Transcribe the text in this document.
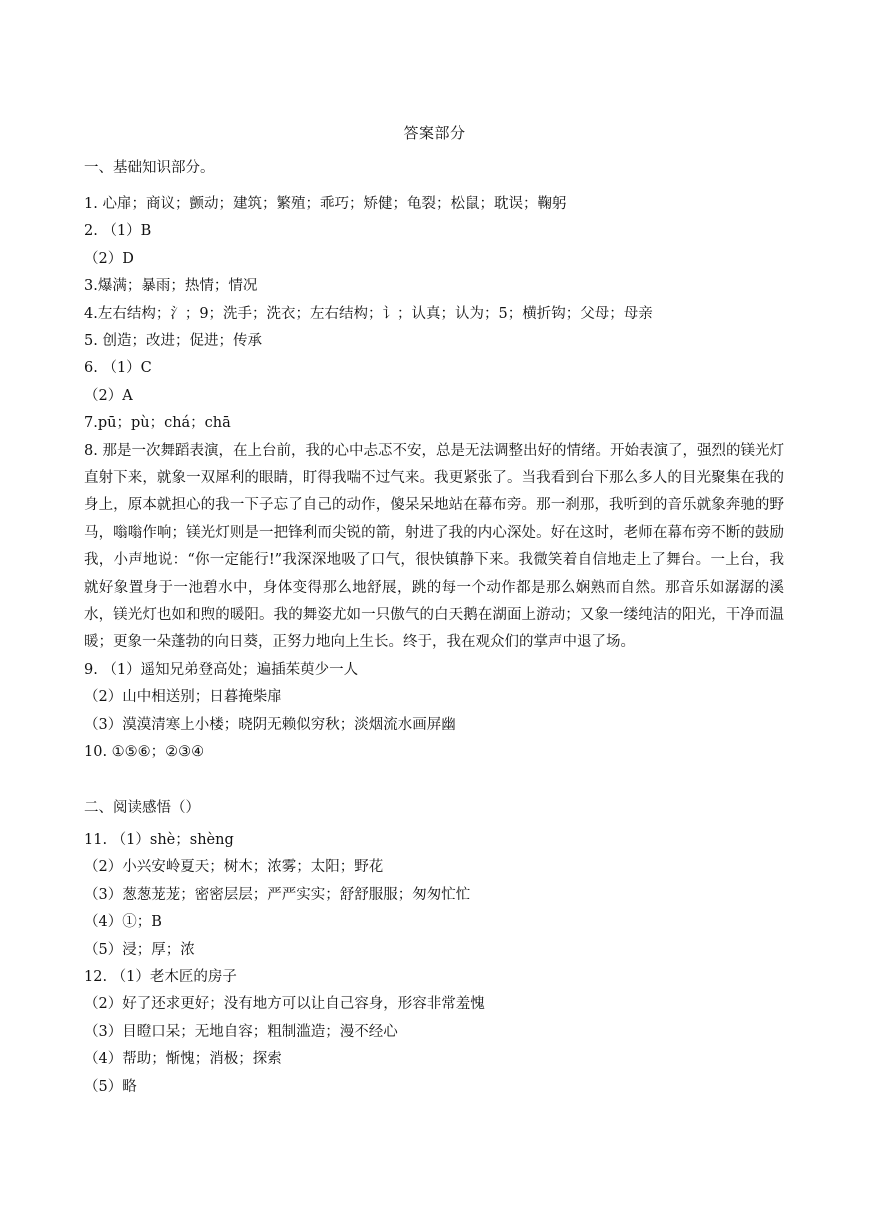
答案部分
一、基础知识部分。
1. 心扉；商议；颤动；建筑；繁殖；乖巧；矫健；龟裂；松鼠；耽误；鞠躬
2. （1）B
（2）D
3.爆满；暴雨；热情；情况
4.左右结构；氵；9；洗手；洗衣；左右结构；讠；认真；认为；5；横折钩；父母；母亲
5. 创造；改进；促进；传承
6. （1）C
（2）A
7.pū；pù；chá；chā
8. 那是一次舞蹈表演，在上台前，我的心中忐忑不安，总是无法调整出好的情绪。开始表演了，强烈的镁光灯直射下来，就象一双犀利的眼睛，盯得我喘不过气来。我更紧张了。当我看到台下那么多人的目光聚集在我的身上，原本就担心的我一下子忘了自己的动作，傻呆呆地站在幕布旁。那一刹那，我听到的音乐就象奔驰的野马，嗡嗡作响；镁光灯则是一把锋利而尖锐的箭，射进了我的内心深处。好在这时，老师在幕布旁不断的鼓励我，小声地说：“你一定能行!”我深深地吸了口气，很快镇静下来。我微笑着自信地走上了舞台。一上台，我就好象置身于一池碧水中，身体变得那么地舒展，跳的每一个动作都是那么娴熟而自然。那音乐如潺潺的溪水，镁光灯也如和煦的暖阳。我的舞姿尤如一只傲气的白天鹅在湖面上游动；又象一缕纯洁的阳光，干净而温暖；更象一朵蓬勃的向日葵，正努力地向上生长。终于，我在观众们的掌声中退了场。
9. （1）遥知兄弟登高处；遍插茱萸少一人
（2）山中相送别；日暮掩柴扉
（3）漠漠清寒上小楼；晓阴无赖似穷秋；淡烟流水画屏幽
10. ①⑤⑥；②③④
二、阅读感悟（）
11. （1）shè；shèng
（2）小兴安岭夏天；树木；浓雾；太阳；野花
（3）葱葱茏茏；密密层层；严严实实；舒舒服服；匆匆忙忙
（4）①；B
（5）浸；厚；浓
12. （1）老木匠的房子
（2）好了还求更好；没有地方可以让自己容身，形容非常羞愧
（3）目瞪口呆；无地自容；粗制滥造；漫不经心
（4）帮助；惭愧；消极；探索
（5）略
